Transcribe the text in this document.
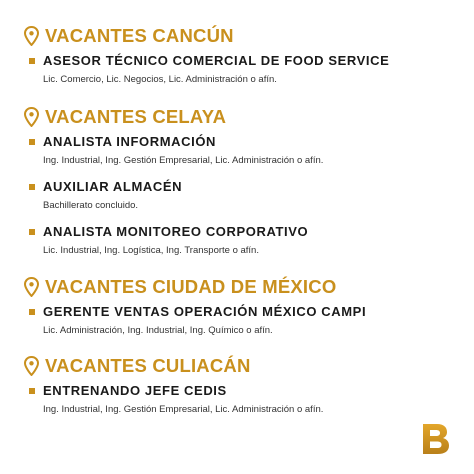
VACANTES CANCÚN
ASESOR TÉCNICO COMERCIAL DE FOOD SERVICE
Lic. Comercio, Lic. Negocios, Lic. Administración o afín.
VACANTES CELAYA
ANALISTA INFORMACIÓN
Ing. Industrial, Ing. Gestión Empresarial, Lic. Administración o afín.
AUXILIAR ALMACÉN
Bachillerato concluido.
ANALISTA MONITOREO CORPORATIVO
Lic. Industrial, Ing. Logística, Ing. Transporte o afín.
VACANTES CIUDAD DE MÉXICO
GERENTE VENTAS OPERACIÓN MÉXICO CAMPI
Lic. Administración, Ing. Industrial, Ing. Químico o afín.
VACANTES CULIACÁN
ENTRENANDO JEFE CEDIS
Ing. Industrial, Ing. Gestión Empresarial, Lic. Administración o afín.
